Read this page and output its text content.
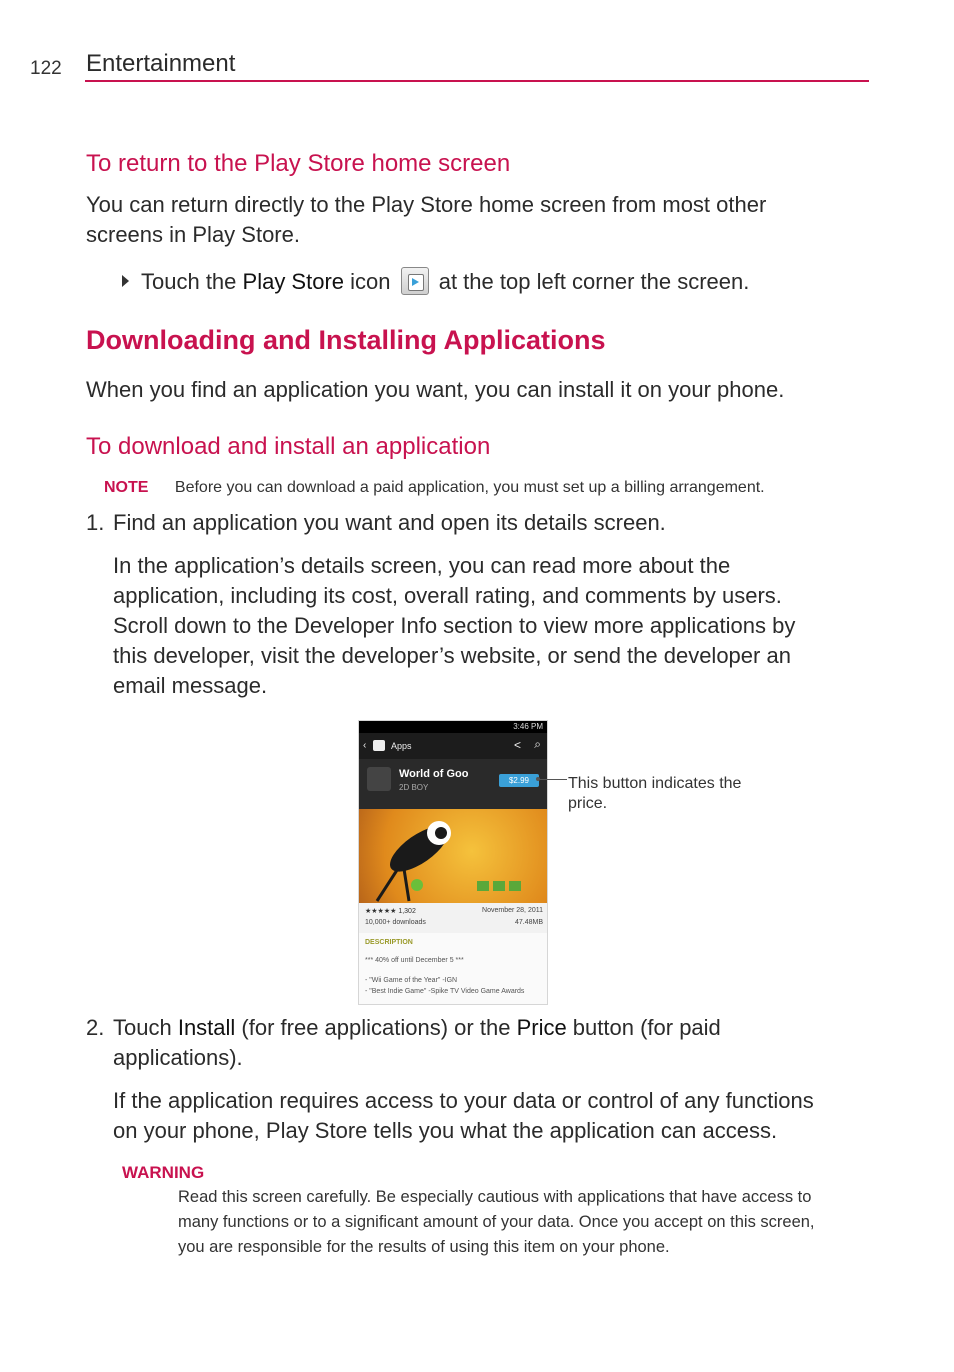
122 Entertainment
To return to the Play Store home screen
You can return directly to the Play Store home screen from most other
screens in Play Store.
Touch the Play Store icon
at the top left corner the screen.
Downloading and Installing Applications
When you find an application you want, you can install it on your phone.
To download and install an application
NOTE Before you can download a paid application, you must set up a billing arrangement.
1. Find an application you want and open its details screen.
In the application’s details screen, you can read more about the
application, including its cost, overall rating, and comments by users.
Scroll down to the Developer Info section to view more applications by
this developer, visit the developer’s website, or send the developer an
email message.
3:46 PM
‹	Apps	< ⌕
World of Goo
2D BOY
$2.99
★★★★★ 1,302
10,000+ downloads
November 28, 2011
47.48MB
DESCRIPTION
*** 40% off until December 5 ***
- "Wii Game of the Year" -IGN
- "Best Indie Game" -Spike TV Video Game Awards
This button indicates the price.
2. Touch Install (for free applications) or the Price button (for paid
applications).
If the application requires access to your data or control of any functions
on your phone, Play Store tells you what the application can access.
WARNING
Read this screen carefully. Be especially cautious with applications that have access to
many functions or to a significant amount of your data. Once you accept on this screen,
you are responsible for the results of using this item on your phone.
